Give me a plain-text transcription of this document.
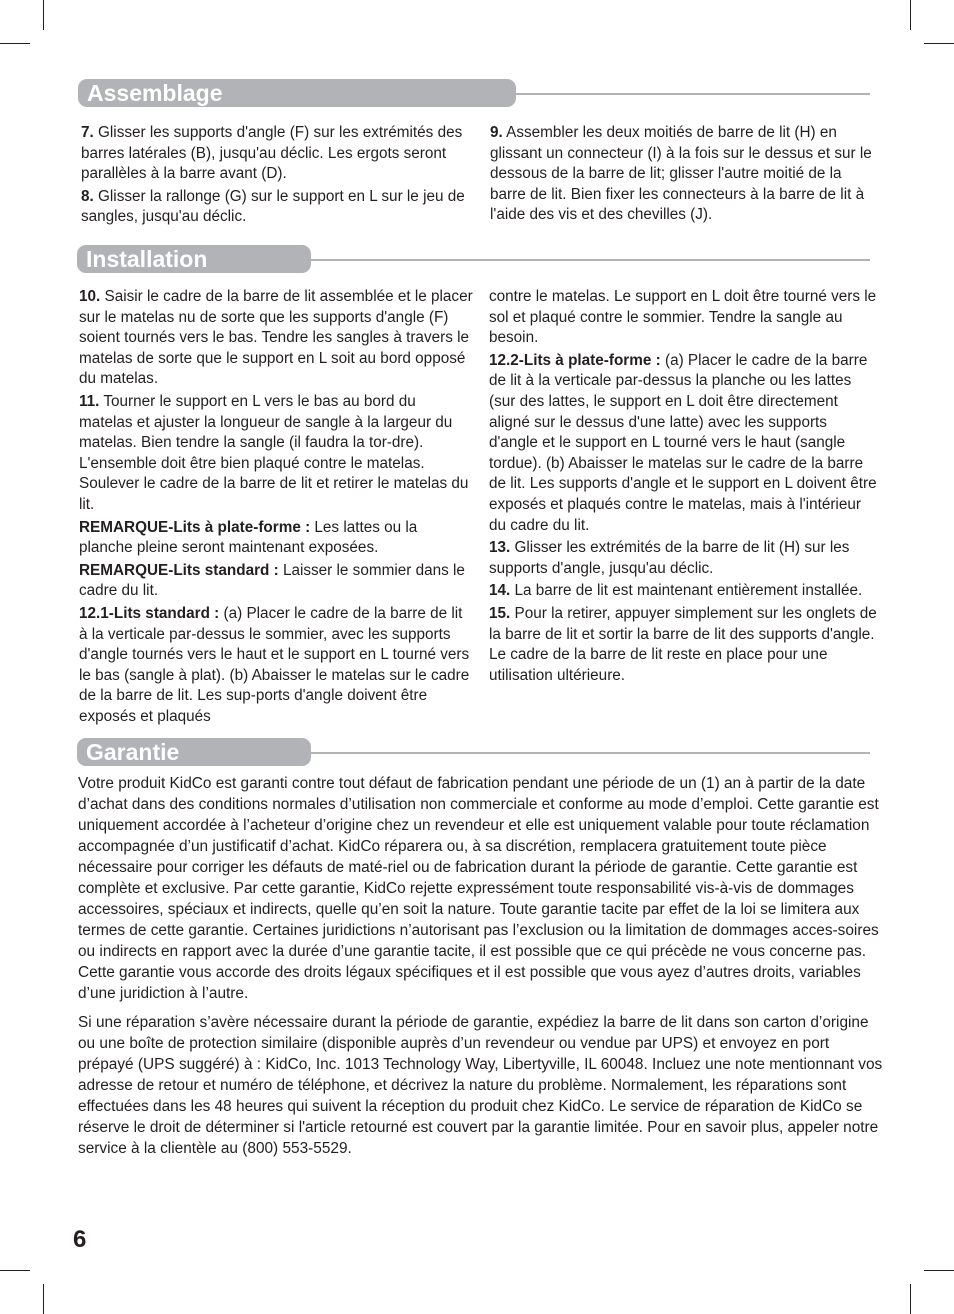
Assemblage

7. Glisser les supports d'angle (F) sur les extrémités des barres latérales (B), jusqu'au déclic. Les ergots seront parallèles à la barre avant (D).

8. Glisser la rallonge (G) sur le support en L sur le jeu de sangles, jusqu'au déclic.

9. Assembler les deux moitiés de barre de lit (H) en glissant un connecteur (I) à la fois sur le dessus et sur le dessous de la barre de lit; glisser l'autre moitié de la barre de lit. Bien fixer les connecteurs à la barre de lit à l'aide des vis et des chevilles (J).

Installation

10. Saisir le cadre de la barre de lit assemblée et le placer sur le matelas nu de sorte que les supports d'angle (F) soient tournés vers le bas. Tendre les sangles à travers le matelas de sorte que le support en L soit au bord opposé du matelas.

11. Tourner le support en L vers le bas au bord du matelas et ajuster la longueur de sangle à la largeur du matelas. Bien tendre la sangle (il faudra la tor-dre). L'ensemble doit être bien plaqué contre le matelas. Soulever le cadre de la barre de lit et retirer le matelas du lit.

REMARQUE-Lits à plate-forme : Les lattes ou la planche pleine seront maintenant exposées.

REMARQUE-Lits standard : Laisser le sommier dans le cadre du lit.

12.1-Lits standard : (a) Placer le cadre de la barre de lit à la verticale par-dessus le sommier, avec les supports d'angle tournés vers le haut et le support en L tourné vers le bas (sangle à plat). (b) Abaisser le matelas sur le cadre de la barre de lit. Les sup-ports d'angle doivent être exposés et plaqués

contre le matelas. Le support en L doit être tourné vers le sol et plaqué contre le sommier. Tendre la sangle au besoin.

12.2-Lits à plate-forme : (a) Placer le cadre de la barre de lit à la verticale par-dessus la planche ou les lattes (sur des lattes, le support en L doit être directement aligné sur le dessus d'une latte) avec les supports d'angle et le support en L tourné vers le haut (sangle tordue). (b) Abaisser le matelas sur le cadre de la barre de lit. Les supports d'angle et le support en L doivent être exposés et plaqués contre le matelas, mais à l'intérieur du cadre du lit.

13. Glisser les extrémités de la barre de lit (H) sur les supports d'angle, jusqu'au déclic.

14. La barre de lit est maintenant entièrement installée.

15. Pour la retirer, appuyer simplement sur les onglets de la barre de lit et sortir la barre de lit des supports d'angle. Le cadre de la barre de lit reste en place pour une utilisation ultérieure.

Garantie

Votre produit KidCo est garanti contre tout défaut de fabrication pendant une période de un (1) an à partir de la date d’achat dans des conditions normales d’utilisation non commerciale et conforme au mode d’emploi. Cette garantie est uniquement accordée à l’acheteur d’origine chez un revendeur et elle est uniquement valable pour toute réclamation accompagnée d’un justificatif d’achat. KidCo réparera ou, à sa discrétion, remplacera gratuitement toute pièce nécessaire pour corriger les défauts de maté-riel ou de fabrication durant la période de garantie. Cette garantie est complète et exclusive. Par cette garantie, KidCo rejette expressément toute responsabilité vis-à-vis de dommages accessoires, spéciaux et indirects, quelle qu’en soit la nature. Toute garantie tacite par effet de la loi se limitera aux termes de cette garantie. Certaines juridictions n’autorisant pas l’exclusion ou la limitation de dommages acces-soires ou indirects en rapport avec la durée d’une garantie tacite, il est possible que ce qui précède ne vous concerne pas. Cette garantie vous accorde des droits légaux spécifiques et il est possible que vous ayez d’autres droits, variables d’une juridiction à l’autre.

Si une réparation s’avère nécessaire durant la période de garantie, expédiez la barre de lit dans son carton d’origine ou une boîte de protection similaire (disponible auprès d’un revendeur ou vendue par UPS) et envoyez en port prépayé (UPS suggéré) à : KidCo, Inc. 1013 Technology Way, Libertyville, IL 60048. Incluez une note mentionnant vos adresse de retour et numéro de téléphone, et décrivez la nature du problème. Normalement, les réparations sont effectuées dans les 48 heures qui suivent la réception du produit chez KidCo. Le service de réparation de KidCo se réserve le droit de déterminer si l'article retourné est couvert par la garantie limitée. Pour en savoir plus, appeler notre service à la clientèle au (800) 553-5529.

6
